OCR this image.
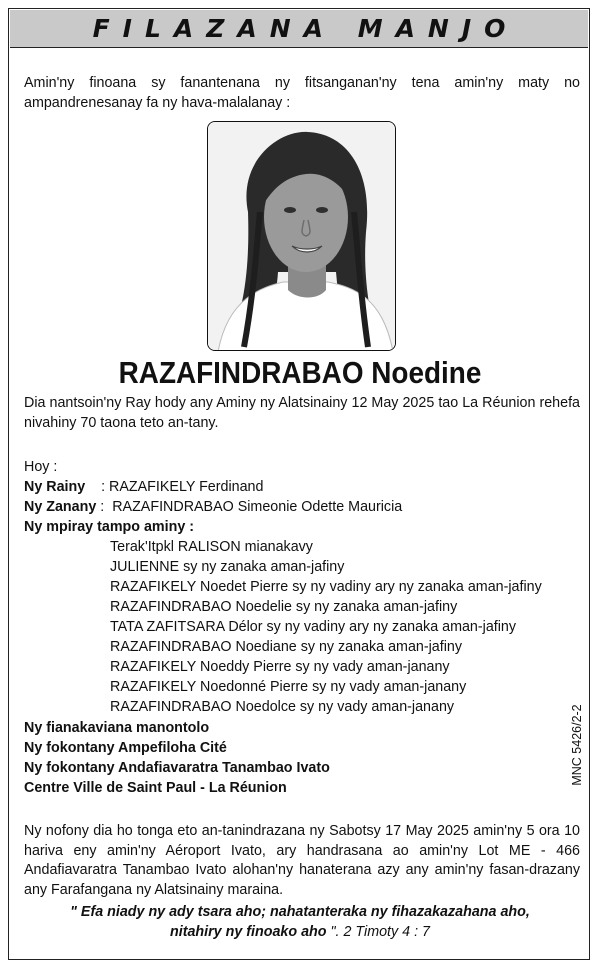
FILAZANA MANJO
Amin'ny finoana sy fanantenana ny fitsanganan'ny tena amin'ny maty no ampandrenesanay fa ny hava-malalanay :
RAZAFINDRABAO Noedine
Dia nantsoin'ny Ray hody any Aminy ny Alatsinainy 12 May 2025 tao La Réunion rehefa nivahiny 70 taona teto an-tany.
Hoy :
Ny Rainy    : RAZAFIKELY Ferdinand
Ny Zanany :  RAZAFINDRABAO Simeonie Odette Mauricia
Ny mpiray tampo aminy :
Terak'Itpkl RALISON mianakavy
JULIENNE sy ny zanaka aman-jafiny
RAZAFIKELY Noedet Pierre sy ny vadiny ary ny zanaka aman-jafiny
RAZAFINDRABAO Noedelie sy ny zanaka aman-jafiny
TATA ZAFITSARA Délor sy ny vadiny ary ny zanaka aman-jafiny
RAZAFINDRABAO Noediane sy ny zanaka aman-jafiny
RAZAFIKELY Noeddy Pierre sy ny vady aman-janany
RAZAFIKELY Noedonné Pierre sy ny vady aman-janany
RAZAFINDRABAO Noedolce sy ny vady aman-janany
Ny fianakaviana manontolo
Ny fokontany Ampefiloha Cité
Ny fokontany Andafiavaratra Tanambao Ivato
Centre Ville de Saint Paul - La Réunion
MNC 5426/2-2
Ny nofony dia ho tonga eto an-tanindrazana ny Sabotsy 17 May 2025 amin'ny 5 ora 10 hariva eny amin'ny Aéroport Ivato, ary handrasana ao amin'ny Lot ME - 466 Andafiavaratra Tanambao Ivato alohan'ny hanaterana azy any amin'ny fasan-drazany any Farafangana ny Alatsinainy maraina.
" Efa niady ny ady tsara aho; nahatanteraka ny fihazakazahana aho,
nitahiry ny finoako aho ". 2 Timoty 4 : 7
